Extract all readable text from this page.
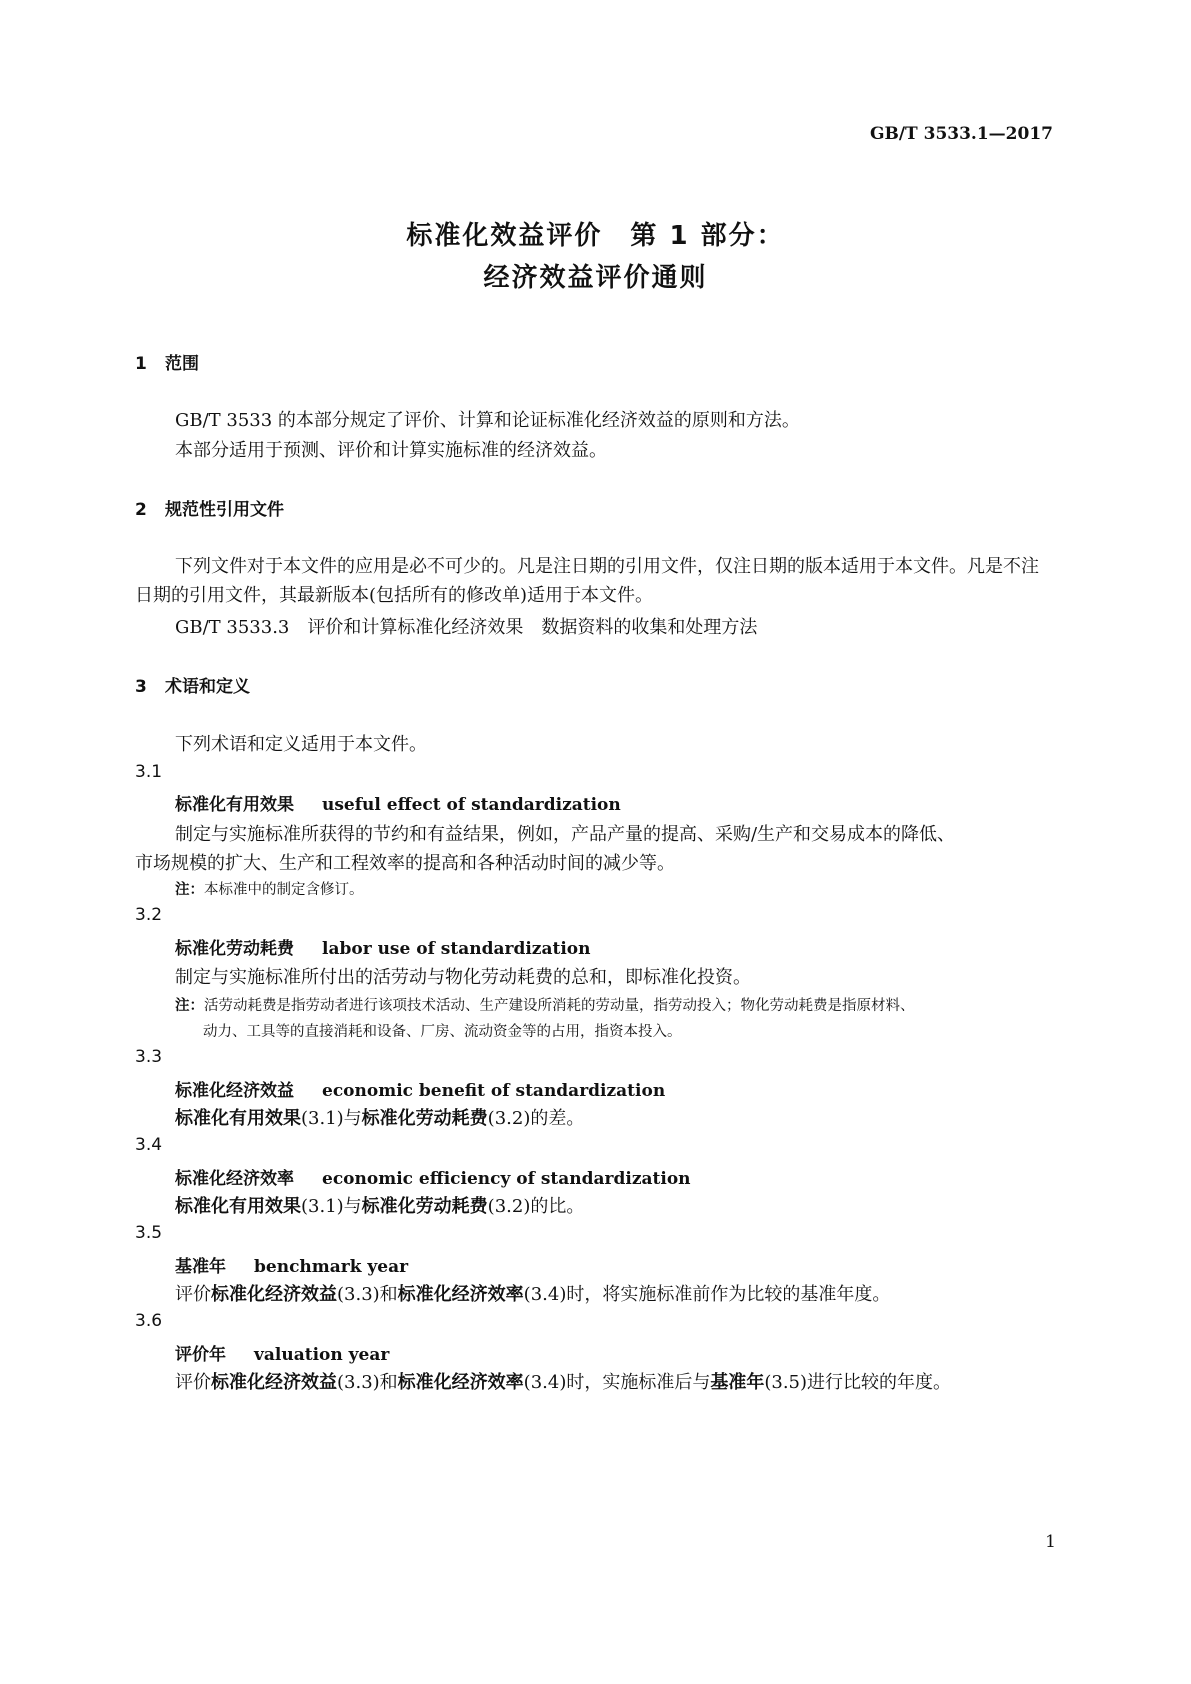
GB/T 3533.1—2017
标准化效益评价　第 1 部分：
经济效益评价通则
1 范围
GB/T 3533 的本部分规定了评价、计算和论证标准化经济效益的原则和方法。
本部分适用于预测、评价和计算实施标准的经济效益。
2 规范性引用文件
下列文件对于本文件的应用是必不可少的。凡是注日期的引用文件，仅注日期的版本适用于本文件。凡是不注日期的引用文件，其最新版本(包括所有的修改单)适用于本文件。
GB/T 3533.3　评价和计算标准化经济效果　数据资料的收集和处理方法
3 术语和定义
下列术语和定义适用于本文件。
3.1
标准化有用效果 useful effect of standardization
制定与实施标准所获得的节约和有益结果，例如，产品产量的提高、采购/生产和交易成本的降低、
市场规模的扩大、生产和工程效率的提高和各种活动时间的减少等。
注：本标准中的制定含修订。
3.2
标准化劳动耗费 labor use of standardization
制定与实施标准所付出的活劳动与物化劳动耗费的总和，即标准化投资。
注：活劳动耗费是指劳动者进行该项技术活动、生产建设所消耗的劳动量，指劳动投入；物化劳动耗费是指原材料、
动力、工具等的直接消耗和设备、厂房、流动资金等的占用，指资本投入。
3.3
标准化经济效益 economic benefit of standardization
标准化有用效果(3.1)与标准化劳动耗费(3.2)的差。
3.4
标准化经济效率 economic efficiency of standardization
标准化有用效果(3.1)与标准化劳动耗费(3.2)的比。
3.5
基准年 benchmark year
评价标准化经济效益(3.3)和标准化经济效率(3.4)时，将实施标准前作为比较的基准年度。
3.6
评价年 valuation year
评价标准化经济效益(3.3)和标准化经济效率(3.4)时，实施标准后与基准年(3.5)进行比较的年度。
1
